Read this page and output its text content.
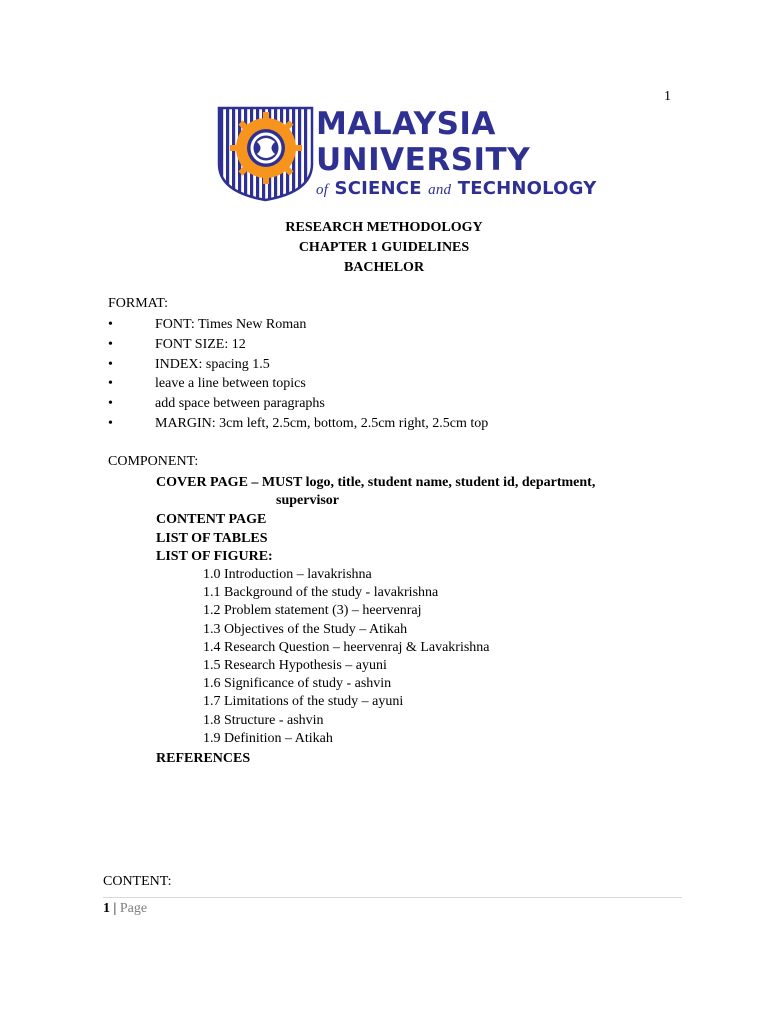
1
MALAYSIA
UNIVERSITY
of SCIENCE and TECHNOLOGY
RESEARCH METHODOLOGY
CHAPTER 1 GUIDELINES
BACHELOR
FORMAT:
•	FONT: Times New Roman
•	FONT SIZE: 12
•	INDEX: spacing 1.5
•	leave a line between topics
•	add space between paragraphs
•	MARGIN: 3cm left, 2.5cm, bottom, 2.5cm right, 2.5cm top
COMPONENT:
COVER PAGE – MUST logo, title, student name, student id, department,
supervisor
CONTENT PAGE
LIST OF TABLES
LIST OF FIGURE:
1.0 Introduction – lavakrishna
1.1 Background of the study - lavakrishna
1.2 Problem statement (3) – heervenraj
1.3 Objectives of the Study – Atikah
1.4 Research Question – heervenraj & Lavakrishna
1.5 Research Hypothesis – ayuni
1.6 Significance of study - ashvin
1.7 Limitations of the study – ayuni
1.8 Structure - ashvin
1.9 Definition – Atikah
REFERENCES
CONTENT:
1 | Page
